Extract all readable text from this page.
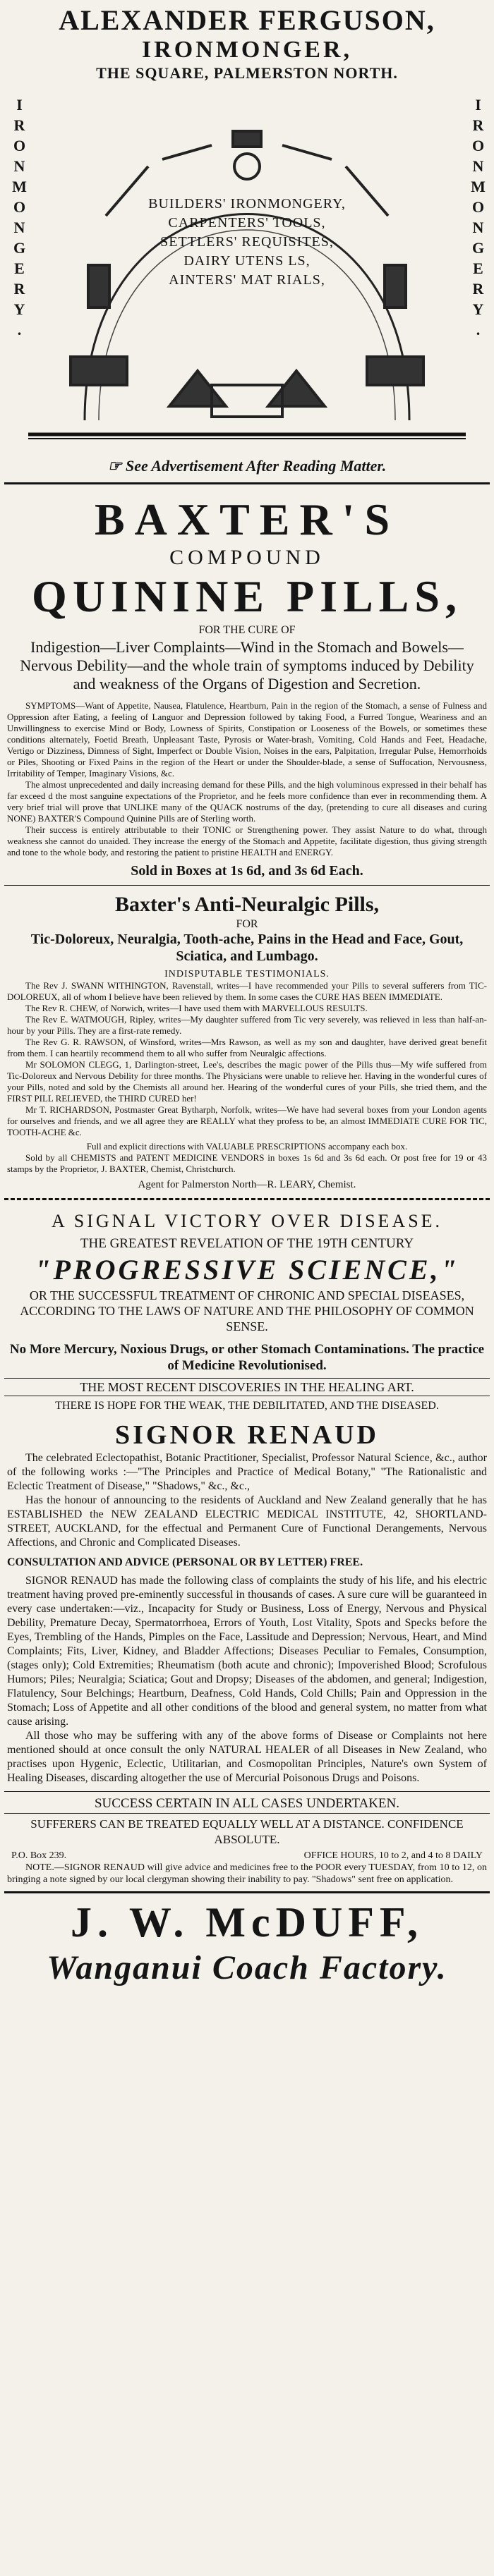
ALEXANDER FERGUSON,
IRONMONGER,
THE SQUARE, PALMERSTON NORTH.
IRONMONGERY.	IRONMONGERY.
BUILDERS' IRONMONGERY,
CARPENTERS' TOOLS,
SETTLERS' REQUISITES,
DAIRY UTENS LS,
AINTERS' MAT RIALS,
☞ See Advertisement After Reading Matter.
BAXTER'S
COMPOUND
QUININE PILLS,
FOR THE CURE OF
Indigestion—Liver Complaints—Wind in the Stomach and Bowels—Nervous Debility—and the whole train of symptoms induced by Debility and weakness of the Organs of Digestion and Secretion.
SYMPTOMS—Want of Appetite, Nausea, Flatulence, Heartburn, Pain in the region of the Stomach, a sense of Fulness and Oppression after Eating, a feeling of Languor and Depression followed by taking Food, a Furred Tongue, Weariness and an Unwillingness to exercise Mind or Body, Lowness of Spirits, Constipation or Looseness of the Bowels, or sometimes these conditions alternately, Foetid Breath, Unpleasant Taste, Pyrosis or Water-brash, Vomiting, Cold Hands and Feet, Headache, Vertigo or Dizziness, Dimness of Sight, Imperfect or Double Vision, Noises in the ears, Palpitation, Irregular Pulse, Hemorrhoids or Piles, Shooting or Fixed Pains in the region of the Heart or under the Shoulder-blade, a sense of Suffocation, Nervousness, Irritability of Temper, Imaginary Visions, &c.
The almost unprecedented and daily increasing demand for these Pills, and the high voluminous expressed in their behalf has far exceed d the most sanguine expectations of the Proprietor, and he feels more confidence than ever in recommending them. A very brief trial will prove that UNLIKE many of the QUACK nostrums of the day, (pretending to cure all diseases and curing NONE) BAXTER'S Compound Quinine Pills are of Sterling worth.
Their success is entirely attributable to their TONIC or Strengthening power. They assist Nature to do what, through weakness she cannot do unaided. They increase the energy of the Stomach and Appetite, facilitate digestion, thus giving strength and tone to the whole body, and restoring the patient to pristine HEALTH and ENERGY.
Sold in Boxes at 1s 6d, and 3s 6d Each.
Baxter's Anti-Neuralgic Pills,
FOR
Tic-Doloreux, Neuralgia, Tooth-ache, Pains in the Head and Face, Gout, Sciatica, and Lumbago.
INDISPUTABLE TESTIMONIALS.
The Rev J. SWANN WITHINGTON, Ravenstall, writes—I have recommended your Pills to several sufferers from TIC-DOLOREUX, all of whom I believe have been relieved by them. In some cases the CURE HAS BEEN IMMEDIATE.
The Rev R. CHEW, of Norwich, writes—I have used them with MARVELLOUS RESULTS.
The Rev E. WATMOUGH, Ripley, writes—My daughter suffered from Tic very severely, was relieved in less than half-an-hour by your Pills. They are a first-rate remedy.
The Rev G. R. RAWSON, of Winsford, writes—Mrs Rawson, as well as my son and daughter, have derived great benefit from them. I can heartily recommend them to all who suffer from Neuralgic affections.
Mr SOLOMON CLEGG, 1, Darlington-street, Lee's, describes the magic power of the Pills thus—My wife suffered from Tic-Doloreux and Nervous Debility for three months. The Physicians were unable to relieve her. Having in the wonderful cures of your Pills, noted and sold by the Chemists all around her. Hearing of the wonderful cures of your Pills, she tried them, and the FIRST PILL RELIEVED, the THIRD CURED her!
Mr T. RICHARDSON, Postmaster Great Bytharph, Norfolk, writes—We have had several boxes from your London agents for ourselves and friends, and we all agree they are REALLY what they profess to be, an almost IMMEDIATE CURE FOR TIC, TOOTH-ACHE &c.
Full and explicit directions with VALUABLE PRESCRIPTIONS accompany each box.
Sold by all CHEMISTS and PATENT MEDICINE VENDORS in boxes 1s 6d and 3s 6d each. Or post free for 19 or 43 stamps by the Proprietor, J. BAXTER, Chemist, Christchurch.
Agent for Palmerston North—R. LEARY, Chemist.
A SIGNAL VICTORY OVER DISEASE.
THE GREATEST REVELATION OF THE 19TH CENTURY
"PROGRESSIVE SCIENCE,"
OR THE SUCCESSFUL TREATMENT OF CHRONIC AND SPECIAL DISEASES, ACCORDING TO THE LAWS OF NATURE AND THE PHILOSOPHY OF COMMON SENSE.
No More Mercury, Noxious Drugs, or other Stomach Contaminations. The practice of Medicine Revolutionised.
THE MOST RECENT DISCOVERIES IN THE HEALING ART.
THERE IS HOPE FOR THE WEAK, THE DEBILITATED, AND THE DISEASED.
SIGNOR RENAUD
The celebrated Eclectopathist, Botanic Practitioner, Specialist, Professor Natural Science, &c., author of the following works :—"The Principles and Practice of Medical Botany," "The Rationalistic and Eclectic Treatment of Disease," "Shadows," &c., &c.,
Has the honour of announcing to the residents of Auckland and New Zealand generally that he has ESTABLISHED the NEW ZEALAND ELECTRIC MEDICAL INSTITUTE, 42, SHORTLAND-STREET, AUCKLAND, for the effectual and Permanent Cure of Functional Derangements, Nervous Affections, and Chronic and Complicated Diseases.
CONSULTATION AND ADVICE (PERSONAL OR BY LETTER) FREE.
SIGNOR RENAUD has made the following class of complaints the study of his life, and his electric treatment having proved pre-eminently successful in thousands of cases. A sure cure will be guaranteed in every case undertaken:—viz., Incapacity for Study or Business, Loss of Energy, Nervous and Physical Debility, Premature Decay, Spermatorrhoea, Errors of Youth, Lost Vitality, Spots and Specks before the Eyes, Trembling of the Hands, Pimples on the Face, Lassitude and Depression; Nervous, Heart, and Mind Complaints; Fits, Liver, Kidney, and Bladder Affections; Diseases Peculiar to Females, Consumption, (stages only); Cold Extremities; Rheumatism (both acute and chronic); Impoverished Blood; Scrofulous Humors; Piles; Neuralgia; Sciatica; Gout and Dropsy; Diseases of the abdomen, and general; Indigestion, Flatulency, Sour Belchings; Heartburn, Deafness, Cold Hands, Cold Chills; Pain and Oppression in the Stomach; Loss of Appetite and all other conditions of the blood and general system, no matter from what cause arising.
All those who may be suffering with any of the above forms of Disease or Complaints not here mentioned should at once consult the only NATURAL HEALER of all Diseases in New Zealand, who practises upon Hygenic, Eclectic, Utilitarian, and Cosmopolitan Principles, Nature's own System of Healing Diseases, discarding altogether the use of Mercurial Poisonous Drugs and Poisons.
SUCCESS CERTAIN IN ALL CASES UNDERTAKEN.
SUFFERERS CAN BE TREATED EQUALLY WELL AT A DISTANCE. CONFIDENCE ABSOLUTE.
P.O. Box 239.	OFFICE HOURS, 10 to 2, and 4 to 8 DAILY
NOTE.—SIGNOR RENAUD will give advice and medicines free to the POOR every TUESDAY, from 10 to 12, on bringing a note signed by our local clergyman showing their inability to pay. "Shadows" sent free on application.
J. W. McDUFF,
Wanganui Coach Factory.
